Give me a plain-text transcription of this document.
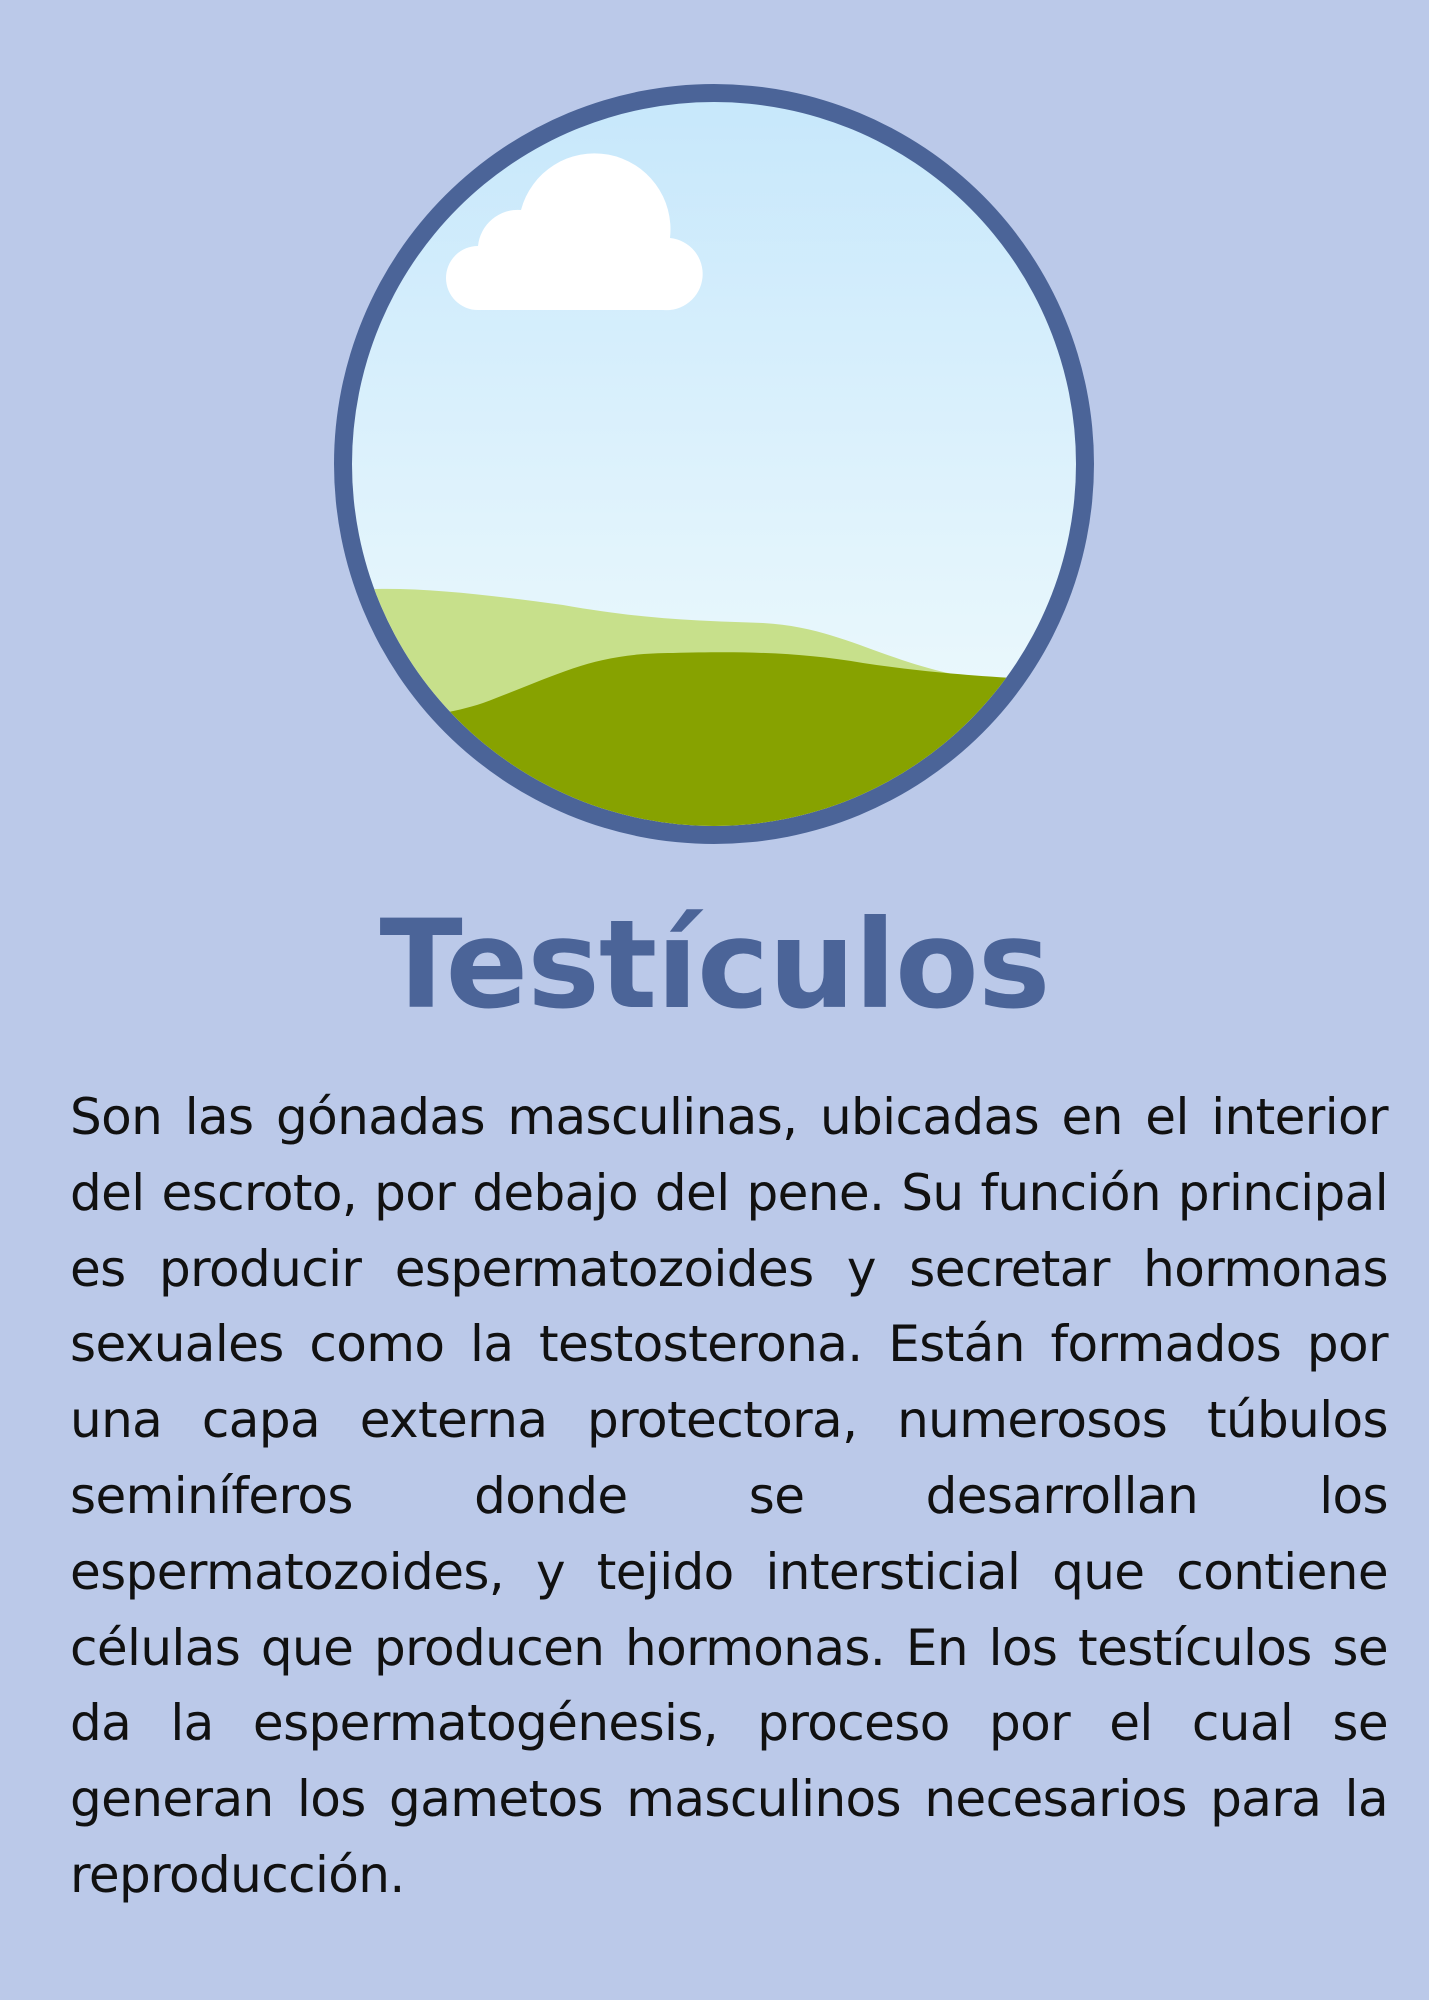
Testículos

Son las gónadas masculinas, ubicadas en el interior del escroto, por debajo del pene. Su función principal es producir espermatozoides y secretar hormonas sexuales como la testosterona. Están formados por una capa externa protectora, numerosos túbulos seminíferos donde se desarrollan los espermatozoides, y tejido intersticial que contiene células que producen hormonas. En los testículos se da la espermatogénesis, proceso por el cual se generan los gametos masculinos necesarios para la reproducción.
